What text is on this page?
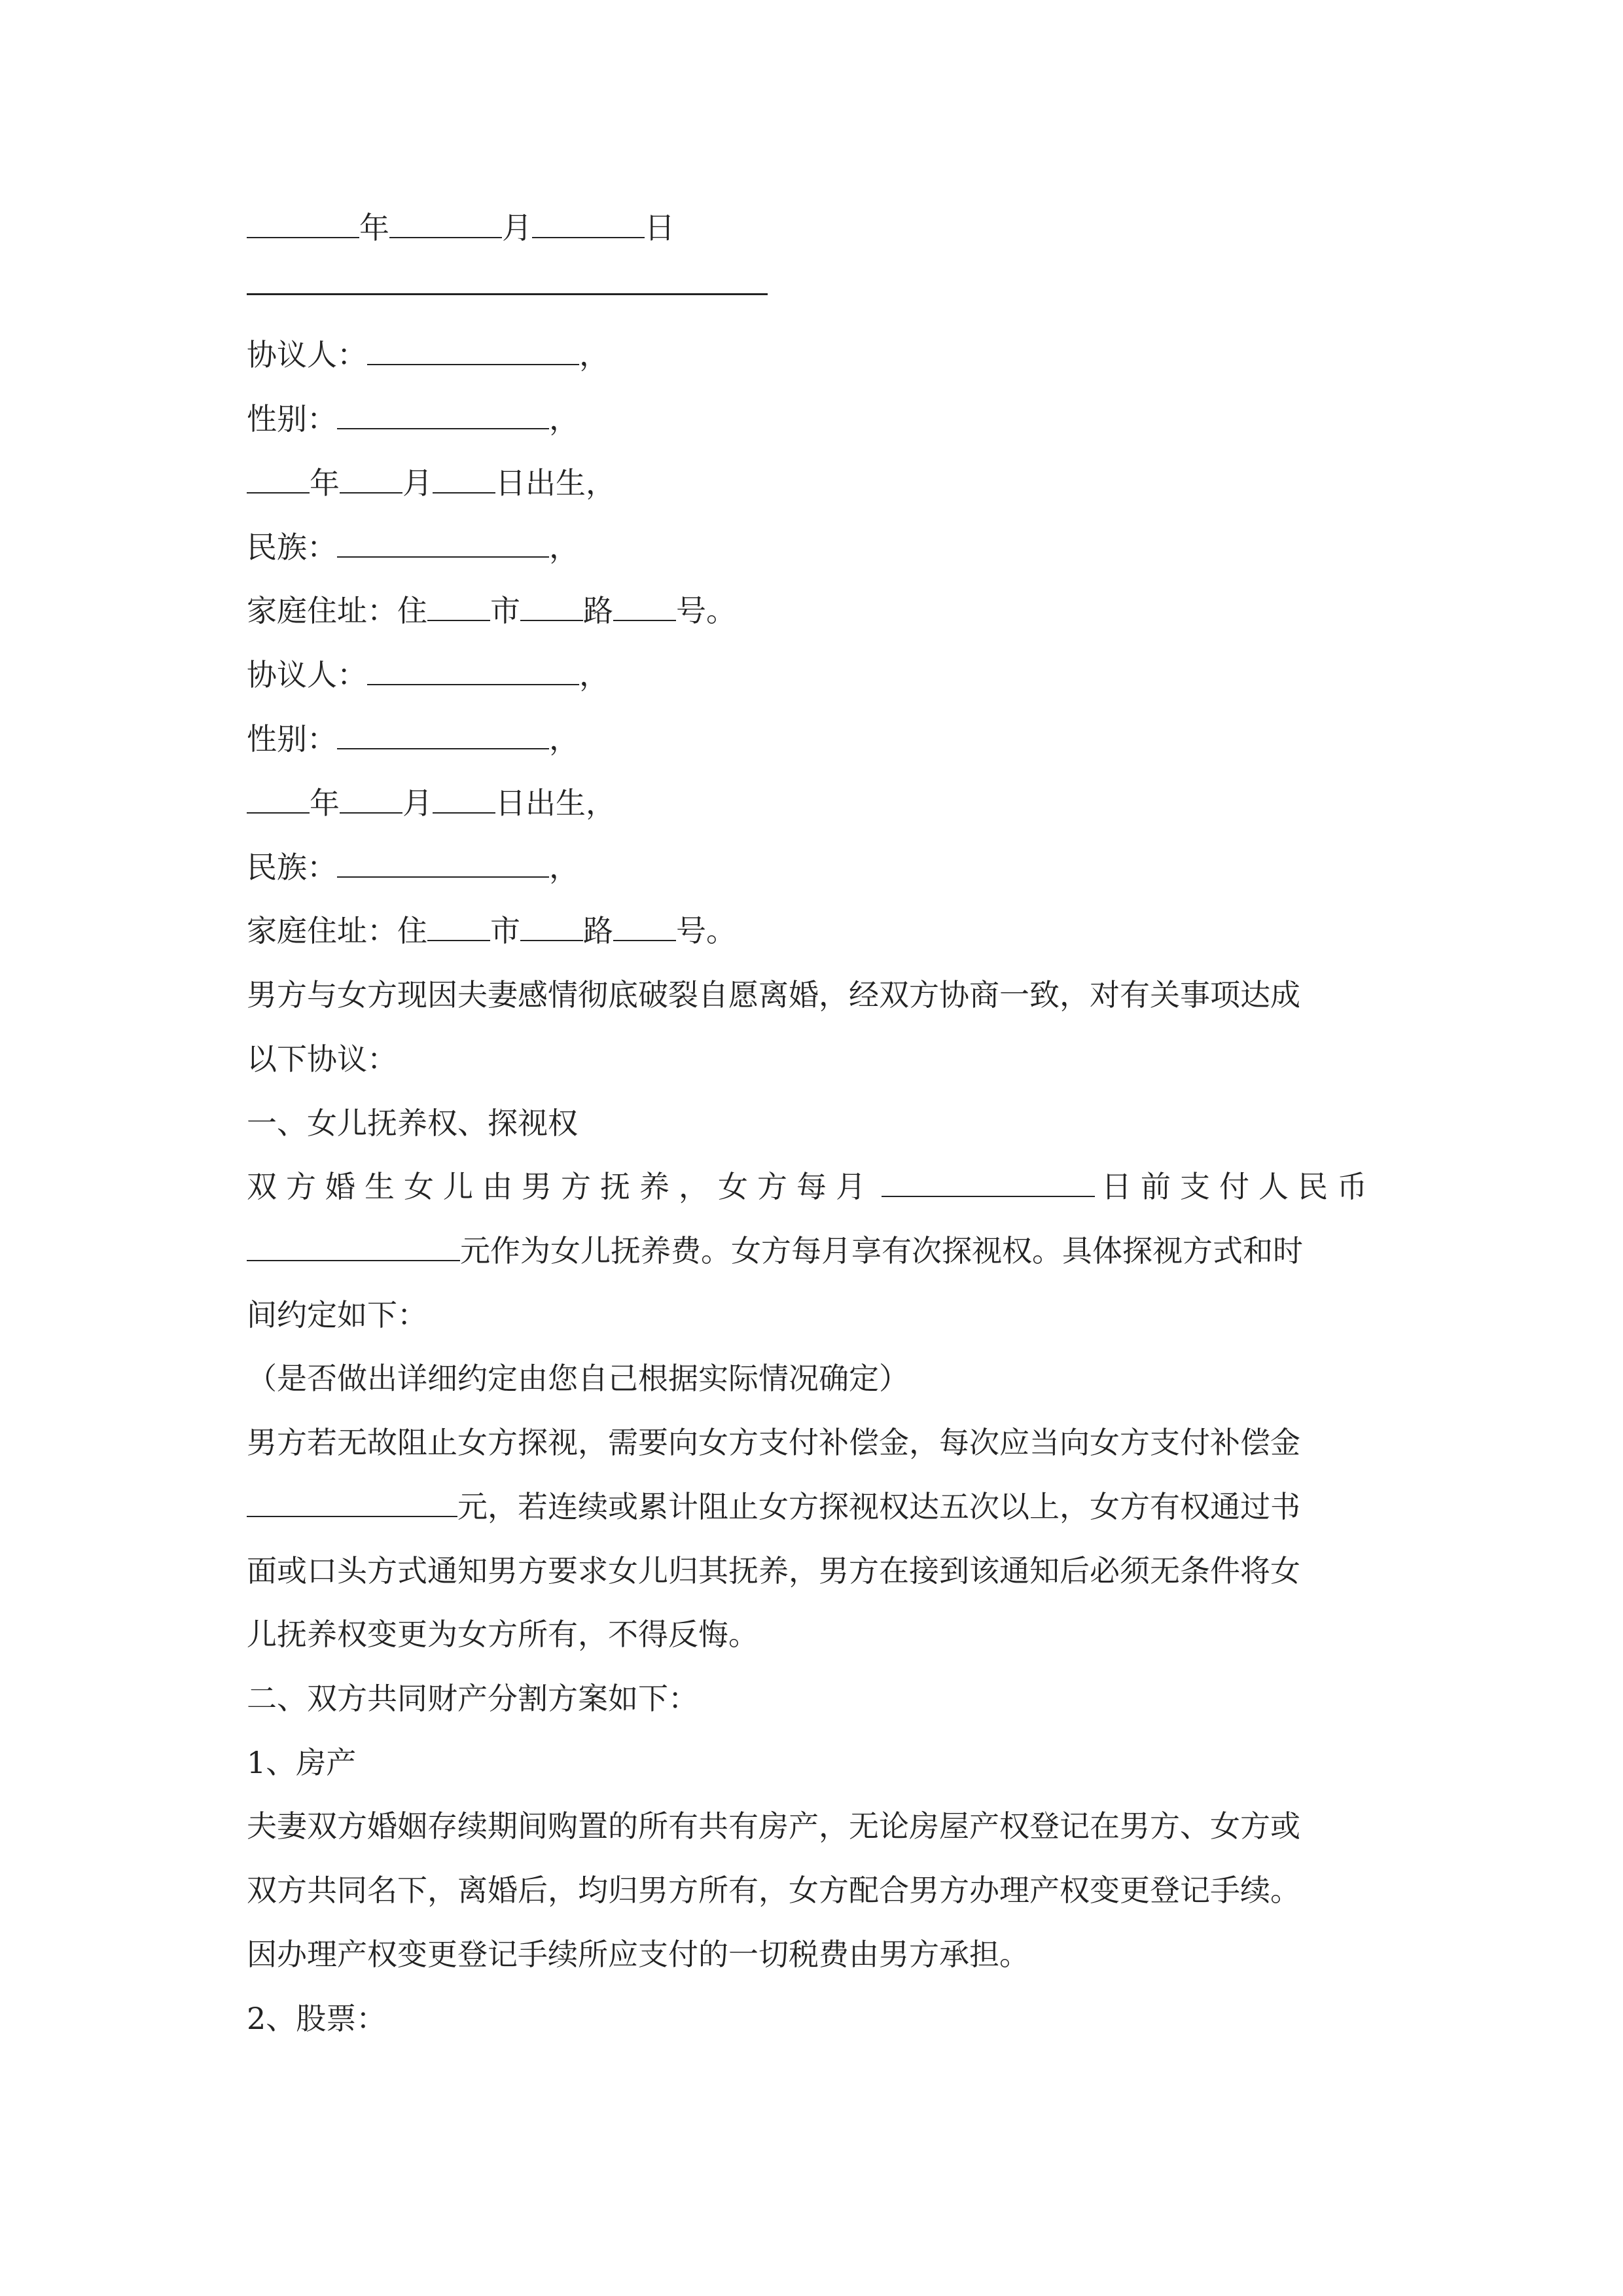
年	月	日
协议人：	，
性别：	，
年 月 日出生，
民族：	，
家庭住址：住 市 路 号。
协议人：	，
性别：	，
年 月 日出生，
民族：	，
家庭住址：住 市 路 号。
男方与女方现因夫妻感情彻底破裂自愿离婚，经双方协商一致，对有关事项达成
以下协议：
一、女儿抚养权、探视权
双方婚生女儿由男方抚养，女方每月	日前支付人民币
元作为女儿抚养费。女方每月享有次探视权。具体探视方式和时
间约定如下：
（是否做出详细约定由您自己根据实际情况确定）
男方若无故阻止女方探视，需要向女方支付补偿金，每次应当向女方支付补偿金
元，若连续或累计阻止女方探视权达五次以上，女方有权通过书
面或口头方式通知男方要求女儿归其抚养，男方在接到该通知后必须无条件将女
儿抚养权变更为女方所有，不得反悔。
二、双方共同财产分割方案如下：
1、房产
夫妻双方婚姻存续期间购置的所有共有房产，无论房屋产权登记在男方、女方或
双方共同名下，离婚后，均归男方所有，女方配合男方办理产权变更登记手续。
因办理产权变更登记手续所应支付的一切税费由男方承担。
2、股票：
